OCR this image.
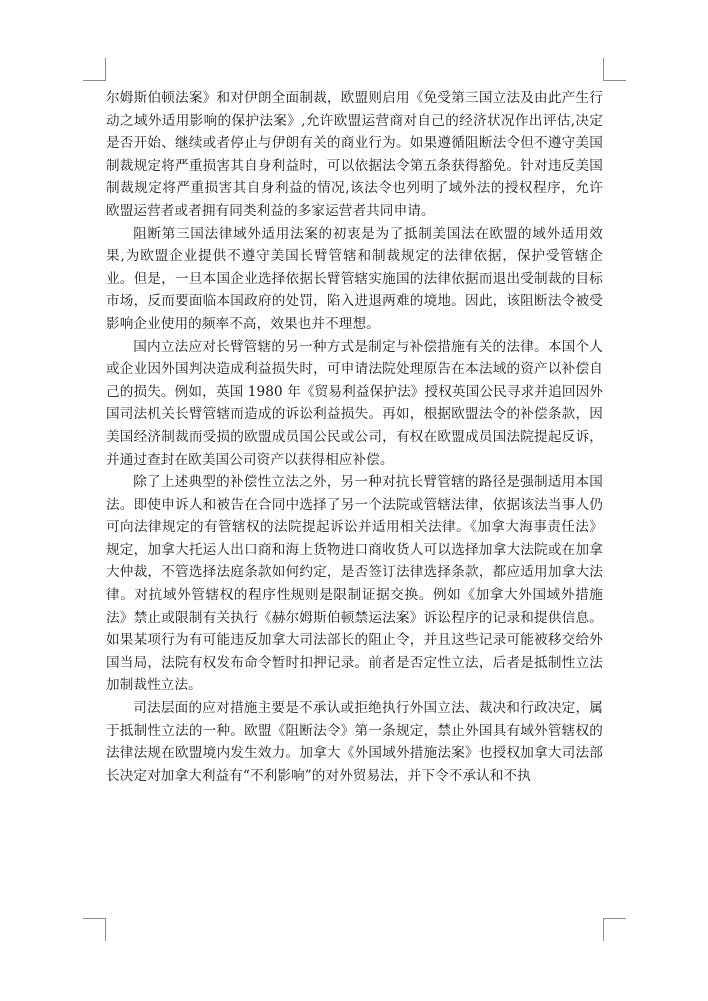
尔姆斯伯顿法案》和对伊朗全面制裁，欧盟则启用《免受第三国立法及由此产生行动之域外适用影响的保护法案》,允许欧盟运营商对自己的经济状况作出评估,决定是否开始、继续或者停止与伊朗有关的商业行为。如果遵循阻断法令但不遵守美国制裁规定将严重损害其自身利益时，可以依据法令第五条获得豁免。针对违反美国制裁规定将严重损害其自身利益的情况,该法令也列明了域外法的授权程序，允许欧盟运营者或者拥有同类利益的多家运营者共同申请。

阻断第三国法律域外适用法案的初衷是为了抵制美国法在欧盟的域外适用效果,为欧盟企业提供不遵守美国长臂管辖和制裁规定的法律依据，保护受管辖企业。但是，一旦本国企业选择依据长臂管辖实施国的法律依据而退出受制裁的目标市场，反而要面临本国政府的处罚，陷入进退两难的境地。因此，该阻断法令被受影响企业使用的频率不高，效果也并不理想。

国内立法应对长臂管辖的另一种方式是制定与补偿措施有关的法律。本国个人或企业因外国判决造成利益损失时，可申请法院处理原告在本法域的资产以补偿自己的损失。例如，英国 1980 年《贸易利益保护法》授权英国公民寻求并追回因外国司法机关长臂管辖而造成的诉讼利益损失。再如，根据欧盟法令的补偿条款，因美国经济制裁而受损的欧盟成员国公民或公司，有权在欧盟成员国法院提起反诉，并通过查封在欧美国公司资产以获得相应补偿。

除了上述典型的补偿性立法之外，另一种对抗长臂管辖的路径是强制适用本国法。即使申诉人和被告在合同中选择了另一个法院或管辖法律，依据该法当事人仍可向法律规定的有管辖权的法院提起诉讼并适用相关法律。《加拿大海事责任法》规定，加拿大托运人出口商和海上货物进口商收货人可以选择加拿大法院或在加拿大仲裁，不管选择法庭条款如何约定，是否签订法律选择条款，都应适用加拿大法律。对抗域外管辖权的程序性规则是限制证据交换。例如《加拿大外国域外措施法》禁止或限制有关执行《赫尔姆斯伯顿禁运法案》诉讼程序的记录和提供信息。如果某项行为有可能违反加拿大司法部长的阻止令，并且这些记录可能被移交给外国当局，法院有权发布命令暂时扣押记录。前者是否定性立法，后者是抵制性立法加制裁性立法。

司法层面的应对措施主要是不承认或拒绝执行外国立法、裁决和行政决定，属于抵制性立法的一种。欧盟《阻断法令》第一条规定，禁止外国具有域外管辖权的法律法规在欧盟境内发生效力。加拿大《外国域外措施法案》也授权加拿大司法部长决定对加拿大利益有“不利影响”的对外贸易法，并下令不承认和不执
